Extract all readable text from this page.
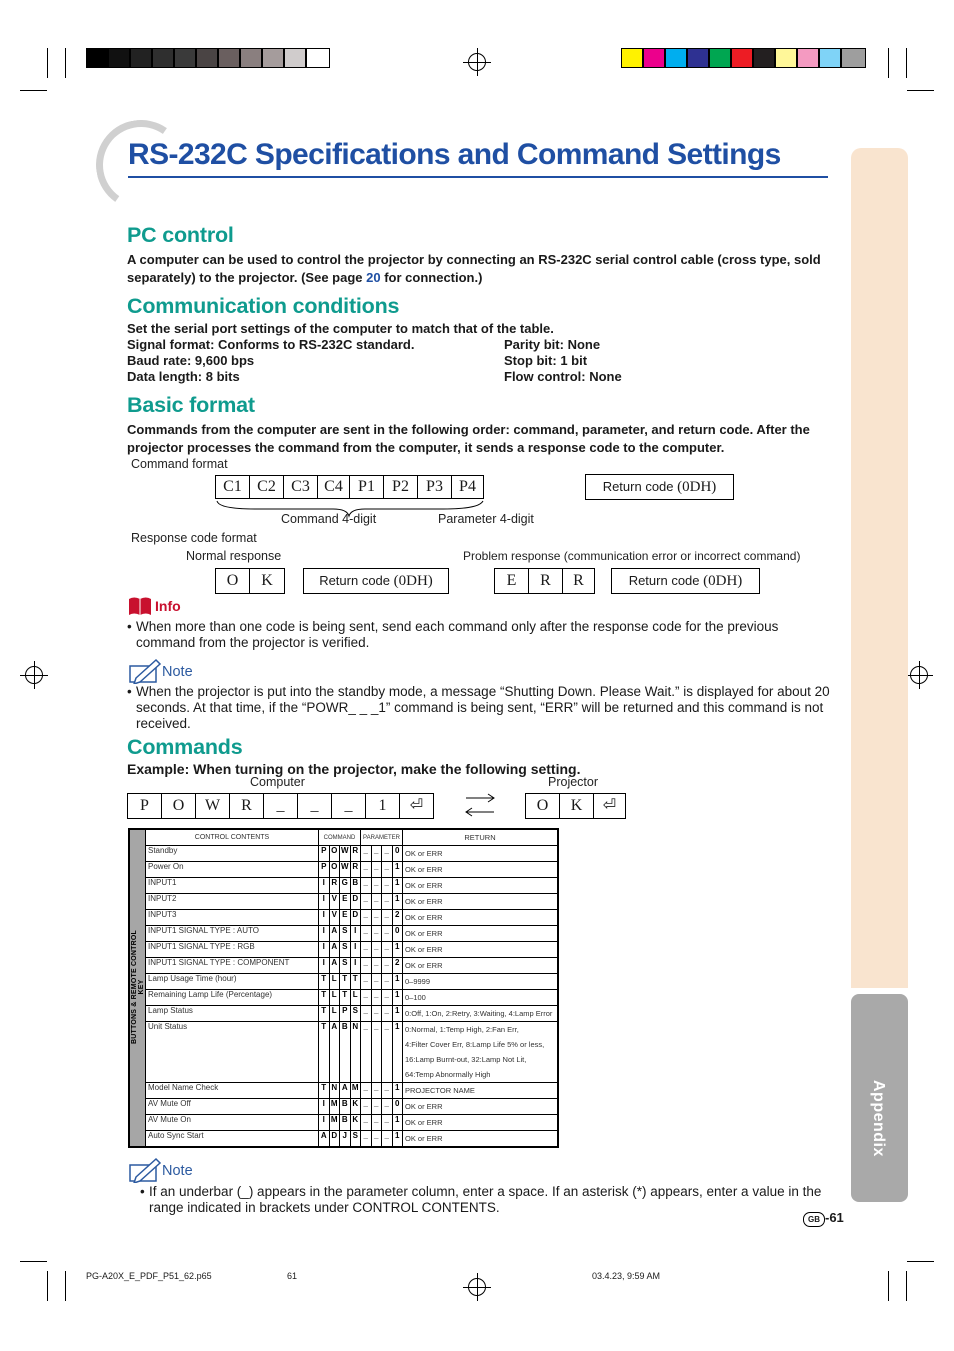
Appendix
RS-232C Specifications and Command Settings
PC control
A computer can be used to control the projector by connecting an RS-232C serial control cable (cross type, sold separately) to the projector. (See page 20 for connection.)
Communication conditions
Set the serial port settings of the computer to match that of the table.
Signal format: Conforms to RS-232C standard.
Baud rate: 9,600 bps
Data length: 8 bits
Parity bit: None
Stop bit: 1 bit
Flow control: None
Basic format
Commands from the computer are sent in the following order: command, parameter, and return code. After the projector processes the command from the computer, it sends a response code to the computer.
Command format
C1 C2 C3 C4 P1	P2	P3	P4	Return code (0DH)
Command 4-digit	Parameter 4-digit
Response code format
Normal response	Problem response (communication error or incorrect command)
O	K	Return code (0DH)	E	R	R	Return code (0DH)
Info
• When more than one code is being sent, send each command only after the response code for the previous command from the projector is verified.
Note
• When the projector is put into the standby mode, a message “Shutting Down. Please Wait.” is displayed for about 20 seconds. At that time, if the “POWR_ _ _1” command is being sent, “ERR” will be returned and this command is not received.
Commands
Example: When turning on the projector, make the following setting.
Computer	Projector
P	O	W	R	_	_	_	1	⏎	O	K	⏎
	CONTROL CONTENTS	COMMAND				PARAMETER				RETURN
	Standby	P	O	W	R	_	_	_	0	OK or ERR
	Power On	P	O	W	R	_	_	_	1	OK or ERR
	INPUT1	I	R	G	B	_	_	_	1	OK or ERR
	INPUT2	I	V	E	D	_	_	_	1	OK or ERR
	INPUT3	I	V	E	D	_	_	_	2	OK or ERR
	INPUT1 SIGNAL TYPE : AUTO	I	A	S	I	_	_	_	0	OK or ERR
	INPUT1 SIGNAL TYPE : RGB	I	A	S	I	_	_	_	1	OK or ERR
	INPUT1 SIGNAL TYPE : COMPONENT	I	A	S	I	_	_	_	2	OK or ERR
	Lamp Usage Time (hour)	T	L	T	T	_	_	_	1	0–9999
	Remaining Lamp Life (Percentage)	T	L	T	L	_	_	_	1	0–100
	Lamp Status	T	L	P	S	_	_	_	1	0:Off, 1:On, 2:Retry, 3:Waiting, 4:Lamp Error
	Unit Status	T	A	B	N	_	_	_	1	0:Normal, 1:Temp High, 2:Fan Err,
										4:Filter Cover Err, 8:Lamp Life 5% or less,
										16:Lamp Burnt-out, 32:Lamp Not Lit,
										64:Temp Abnormally High
	Model Name Check	T	N	A	M	_	_	_	1	PROJECTOR NAME
	AV Mute Off	I	M	B	K	_	_	_	0	OK or ERR
	AV Mute On	I	M	B	K	_	_	_	1	OK or ERR
	Auto Sync Start	A	D	J	S	_	_	_	1	OK or ERR
BUTTONS & REMOTE CONTROL KEY
Note
• If an underbar (_) appears in the parameter column, enter a space. If an asterisk (*) appears, enter a value in the range indicated in brackets under CONTROL CONTENTS.
GB -61
PG-A20X_E_PDF_P51_62.p65	61	03.4.23, 9:59 AM
